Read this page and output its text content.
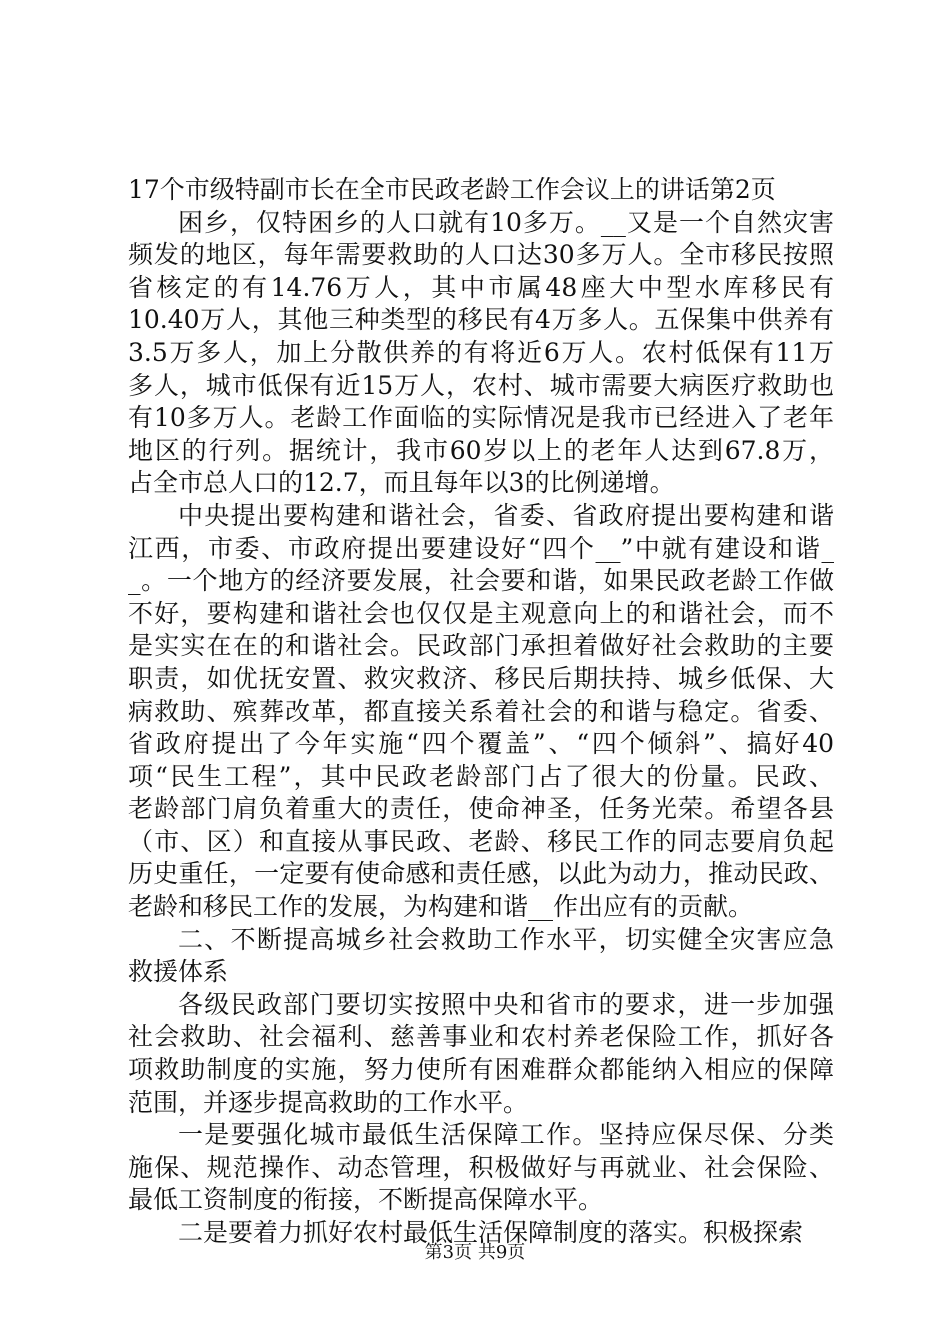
17个市级特副市长在全市民政老龄工作会议上的讲话第2页
困乡，仅特困乡的人口就有10多万。__又是一个自然灾害
频发的地区，每年需要救助的人口达30多万人。全市移民按照
省核定的有14.76万人，其中市属48座大中型水库移民有
10.40万人，其他三种类型的移民有4万多人。五保集中供养有
3.5万多人，加上分散供养的有将近6万人。农村低保有11万
多人，城市低保有近15万人，农村、城市需要大病医疗救助也
有10多万人。老龄工作面临的实际情况是我市已经进入了老年
地区的行列。据统计，我市60岁以上的老年人达到67.8万，
占全市总人口的12.7，而且每年以3的比例递增。
中央提出要构建和谐社会，省委、省政府提出要构建和谐
江西，市委、市政府提出要建设好“四个__”中就有建设和谐_
_。一个地方的经济要发展，社会要和谐，如果民政老龄工作做
不好，要构建和谐社会也仅仅是主观意向上的和谐社会，而不
是实实在在的和谐社会。民政部门承担着做好社会救助的主要
职责，如优抚安置、救灾救济、移民后期扶持、城乡低保、大
病救助、殡葬改革，都直接关系着社会的和谐与稳定。省委、
省政府提出了今年实施“四个覆盖”、“四个倾斜”、搞好40
项“民生工程”，其中民政老龄部门占了很大的份量。民政、
老龄部门肩负着重大的责任，使命神圣，任务光荣。希望各县
（市、区）和直接从事民政、老龄、移民工作的同志要肩负起
历史重任，一定要有使命感和责任感，以此为动力，推动民政、
老龄和移民工作的发展，为构建和谐__作出应有的贡献。
二、不断提高城乡社会救助工作水平，切实健全灾害应急
救援体系
各级民政部门要切实按照中央和省市的要求，进一步加强
社会救助、社会福利、慈善事业和农村养老保险工作，抓好各
项救助制度的实施，努力使所有困难群众都能纳入相应的保障
范围，并逐步提高救助的工作水平。
一是要强化城市最低生活保障工作。坚持应保尽保、分类
施保、规范操作、动态管理，积极做好与再就业、社会保险、
最低工资制度的衔接，不断提高保障水平。
二是要着力抓好农村最低生活保障制度的落实。积极探索
第3页 共9页
